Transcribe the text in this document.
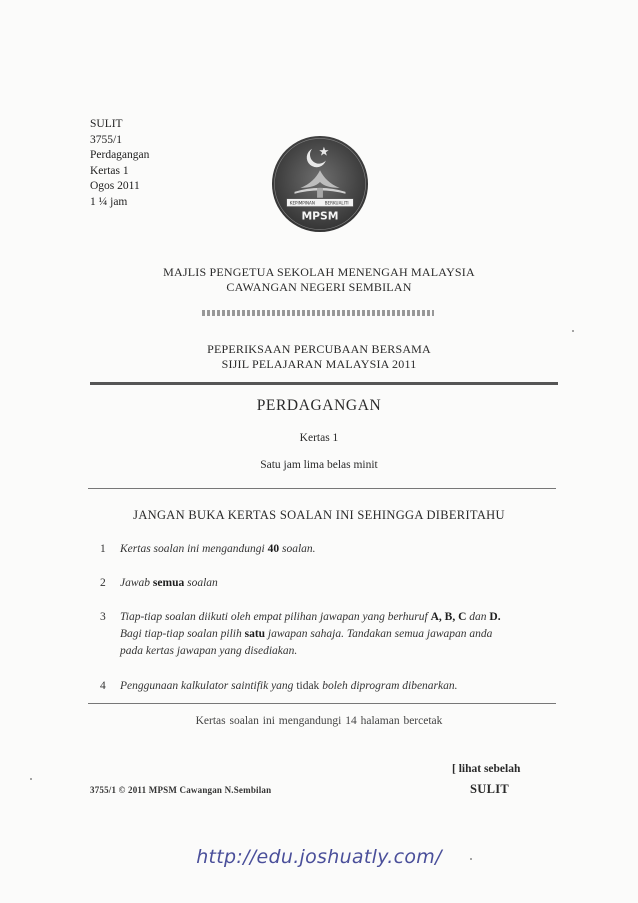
SULIT
3755/1
Perdagangan
Kertas 1
Ogos 2011
1 ¼ jam	KEPIMPINAN BERKUALITI
MPSM
MAJLIS PENGETUA SEKOLAH MENENGAH MALAYSIA
CAWANGAN NEGERI SEMBILAN
PEPERIKSAAN PERCUBAAN BERSAMA
SIJIL PELAJARAN MALAYSIA 2011
PERDAGANGAN
Kertas 1
Satu jam lima belas minit
JANGAN BUKA KERTAS SOALAN INI SEHINGGA DIBERITAHU
1 Kertas soalan ini mengandungi 40 soalan.
2 Jawab semua soalan
3 Tiap-tiap soalan diikuti oleh empat pilihan jawapan yang berhuruf A, B, C dan D.
Bagi tiap-tiap soalan pilih satu jawapan sahaja. Tandakan semua jawapan anda
pada kertas jawapan yang disediakan.
4 Penggunaan kalkulator saintifik yang tidak boleh diprogram dibenarkan.
Kertas soalan ini mengandungi 14 halaman bercetak
[ lihat sebelah
3755/1 © 2011 MPSM Cawangan N.Sembilan	SULIT
http://edu.joshuatly.com/
